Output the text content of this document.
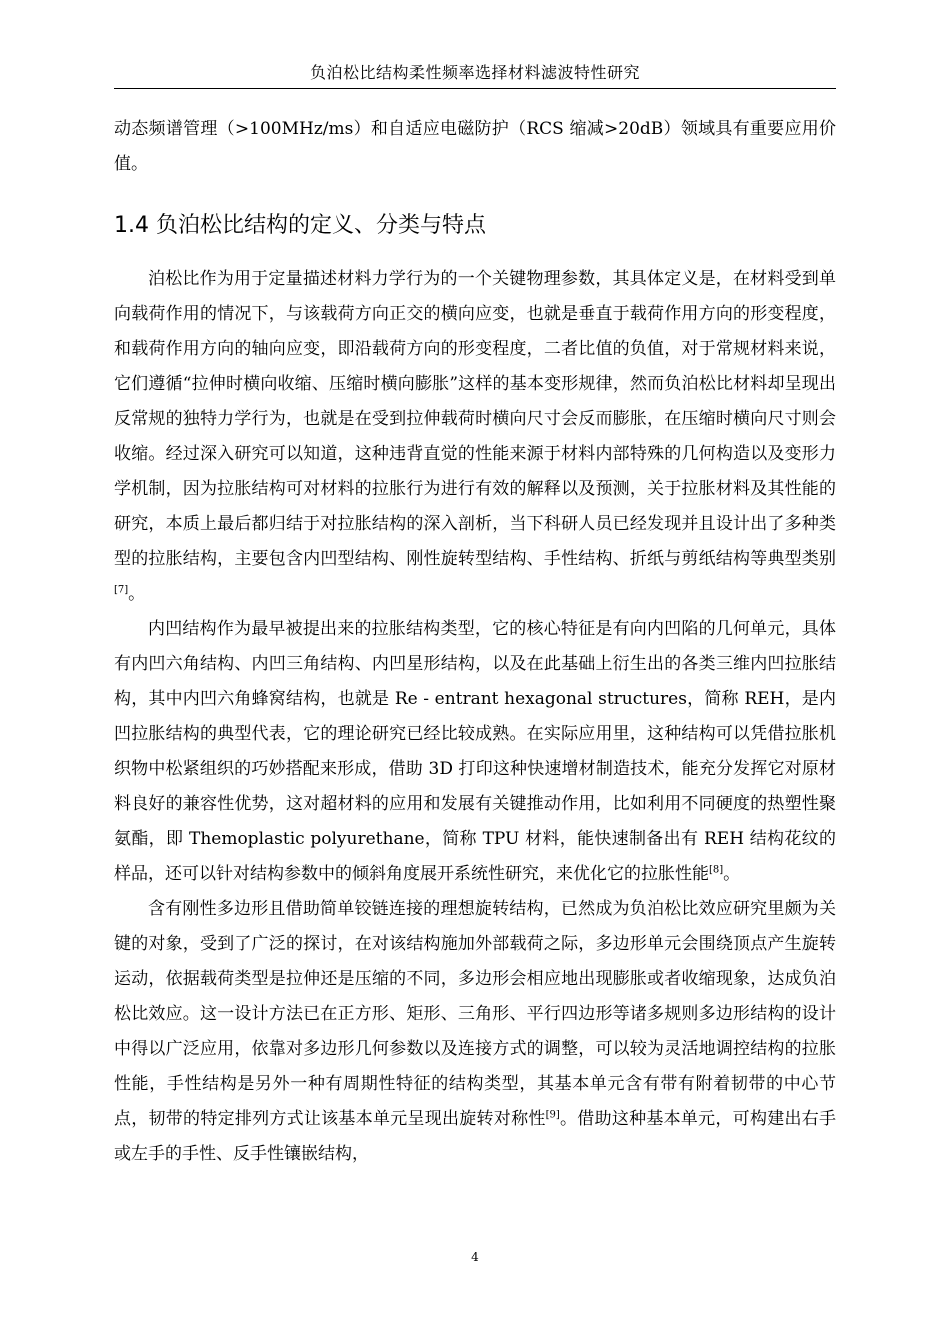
负泊松比结构柔性频率选择材料滤波特性研究

动态频谱管理（>100MHz/ms）和自适应电磁防护（RCS 缩减>20dB）领域具有重要应用价值。

1.4 负泊松比结构的定义、分类与特点

泊松比作为用于定量描述材料力学行为的一个关键物理参数，其具体定义是，在材料受到单向载荷作用的情况下，与该载荷方向正交的横向应变，也就是垂直于载荷作用方向的形变程度，和载荷作用方向的轴向应变，即沿载荷方向的形变程度，二者比值的负值，对于常规材料来说，它们遵循“拉伸时横向收缩、压缩时横向膨胀”这样的基本变形规律，然而负泊松比材料却呈现出反常规的独特力学行为，也就是在受到拉伸载荷时横向尺寸会反而膨胀，在压缩时横向尺寸则会收缩。经过深入研究可以知道，这种违背直觉的性能来源于材料内部特殊的几何构造以及变形力学机制，因为拉胀结构可对材料的拉胀行为进行有效的解释以及预测，关于拉胀材料及其性能的研究，本质上最后都归结于对拉胀结构的深入剖析，当下科研人员已经发现并且设计出了多种类型的拉胀结构，主要包含内凹型结构、刚性旋转型结构、手性结构、折纸与剪纸结构等典型类别[7]。

内凹结构作为最早被提出来的拉胀结构类型，它的核心特征是有向内凹陷的几何单元，具体有内凹六角结构、内凹三角结构、内凹星形结构，以及在此基础上衍生出的各类三维内凹拉胀结构，其中内凹六角蜂窝结构，也就是 Re - entrant hexagonal structures，简称 REH，是内凹拉胀结构的典型代表，它的理论研究已经比较成熟。在实际应用里，这种结构可以凭借拉胀机织物中松紧组织的巧妙搭配来形成，借助 3D 打印这种快速增材制造技术，能充分发挥它对原材料良好的兼容性优势，这对超材料的应用和发展有关键推动作用，比如利用不同硬度的热塑性聚氨酯，即 Themoplastic polyurethane，简称 TPU 材料，能快速制备出有 REH 结构花纹的样品，还可以针对结构参数中的倾斜角度展开系统性研究，来优化它的拉胀性能[8]。

含有刚性多边形且借助简单铰链连接的理想旋转结构，已然成为负泊松比效应研究里颇为关键的对象，受到了广泛的探讨，在对该结构施加外部载荷之际，多边形单元会围绕顶点产生旋转运动，依据载荷类型是拉伸还是压缩的不同，多边形会相应地出现膨胀或者收缩现象，达成负泊松比效应。这一设计方法已在正方形、矩形、三角形、平行四边形等诸多规则多边形结构的设计中得以广泛应用，依靠对多边形几何参数以及连接方式的调整，可以较为灵活地调控结构的拉胀性能，手性结构是另外一种有周期性特征的结构类型，其基本单元含有带有附着韧带的中心节点，韧带的特定排列方式让该基本单元呈现出旋转对称性[9]。借助这种基本单元，可构建出右手或左手的手性、反手性镶嵌结构，

4
